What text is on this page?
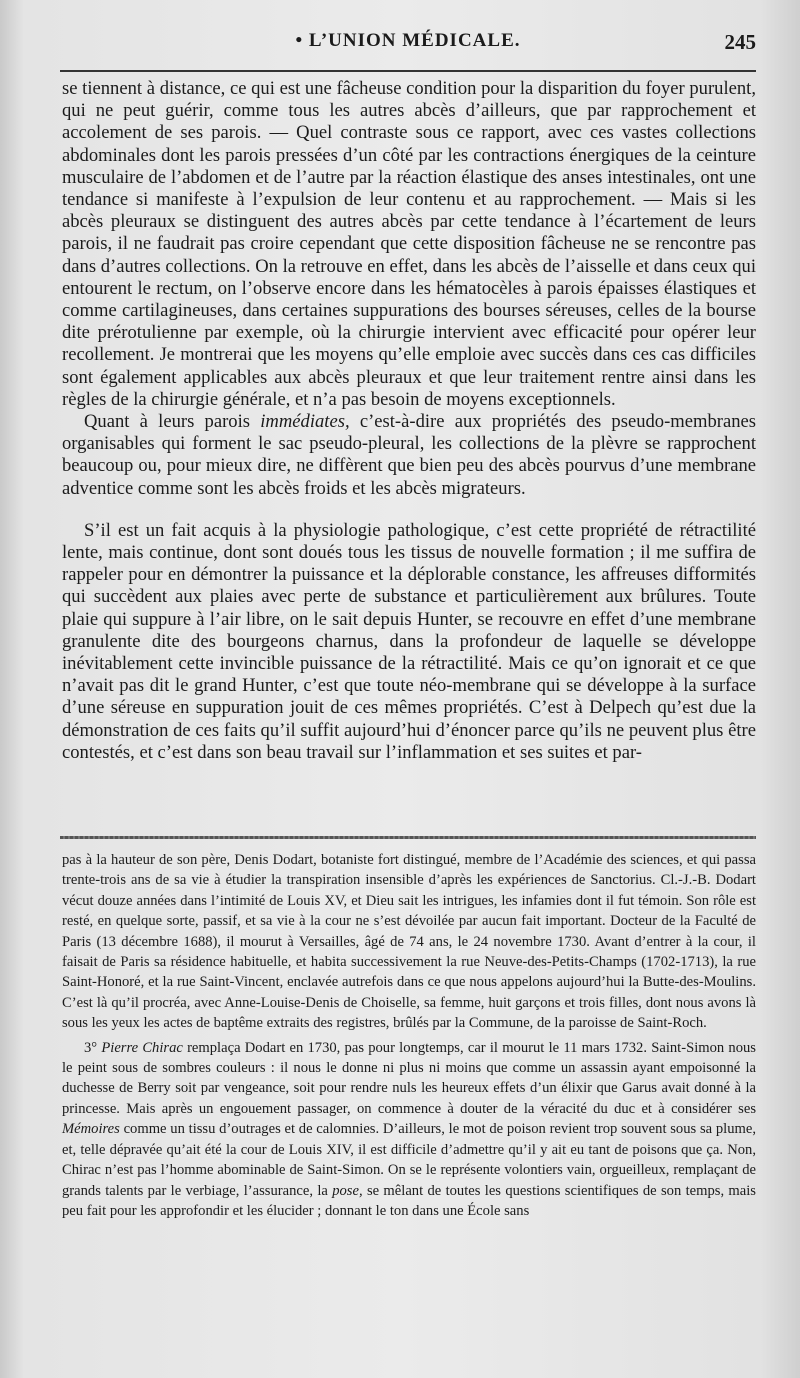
• L’UNION MÉDICALE.	245

se tiennent à distance, ce qui est une fâcheuse condition pour la disparition du foyer purulent, qui ne peut guérir, comme tous les autres abcès d’ailleurs, que par rapprochement et accolement de ses parois. — Quel contraste sous ce rapport, avec ces vastes collections abdominales dont les parois pressées d’un côté par les contractions énergiques de la ceinture musculaire de l’abdomen et de l’autre par la réaction élastique des anses intestinales, ont une tendance si manifeste à l’expulsion de leur contenu et au rapprochement. — Mais si les abcès pleuraux se distinguent des autres abcès par cette tendance à l’écartement de leurs parois, il ne faudrait pas croire cependant que cette disposition fâcheuse ne se rencontre pas dans d’autres collections. On la retrouve en effet, dans les abcès de l’aisselle et dans ceux qui entourent le rectum, on l’observe encore dans les hématocèles à parois épaisses élastiques et comme cartilagineuses, dans certaines suppurations des bourses séreuses, celles de la bourse dite prérotulienne par exemple, où la chirurgie intervient avec efficacité pour opérer leur recollement. Je montrerai que les moyens qu’elle emploie avec succès dans ces cas difficiles sont également applicables aux abcès pleuraux et que leur traitement rentre ainsi dans les règles de la chirurgie générale, et n’a pas besoin de moyens exceptionnels.

Quant à leurs parois immédiates, c’est-à-dire aux propriétés des pseudo-membranes organisables qui forment le sac pseudo-pleural, les collections de la plèvre se rapprochent beaucoup ou, pour mieux dire, ne diffèrent que bien peu des abcès pourvus d’une membrane adventice comme sont les abcès froids et les abcès migrateurs.

S’il est un fait acquis à la physiologie pathologique, c’est cette propriété de rétractilité lente, mais continue, dont sont doués tous les tissus de nouvelle formation ; il me suffira de rappeler pour en démontrer la puissance et la déplorable constance, les affreuses difformités qui succèdent aux plaies avec perte de substance et particulièrement aux brûlures. Toute plaie qui suppure à l’air libre, on le sait depuis Hunter, se recouvre en effet d’une membrane granulente dite des bourgeons charnus, dans la profondeur de laquelle se développe inévitablement cette invincible puissance de la rétractilité. Mais ce qu’on ignorait et ce que n’avait pas dit le grand Hunter, c’est que toute néo-membrane qui se développe à la surface d’une séreuse en suppuration jouit de ces mêmes propriétés. C’est à Delpech qu’est due la démonstration de ces faits qu’il suffit aujourd’hui d’énoncer parce qu’ils ne peuvent plus être contestés, et c’est dans son beau travail sur l’inflammation et ses suites et par-

pas à la hauteur de son père, Denis Dodart, botaniste fort distingué, membre de l’Académie des sciences, et qui passa trente-trois ans de sa vie à étudier la transpiration insensible d’après les expériences de Sanctorius. Cl.-J.-B. Dodart vécut douze années dans l’intimité de Louis XV, et Dieu sait les intrigues, les infamies dont il fut témoin. Son rôle est resté, en quelque sorte, passif, et sa vie à la cour ne s’est dévoilée par aucun fait important. Docteur de la Faculté de Paris (13 décembre 1688), il mourut à Versailles, âgé de 74 ans, le 24 novembre 1730. Avant d’entrer à la cour, il faisait de Paris sa résidence habituelle, et habita successivement la rue Neuve-des-Petits-Champs (1702-1713), la rue Saint-Honoré, et la rue Saint-Vincent, enclavée autrefois dans ce que nous appelons aujourd’hui la Butte-des-Moulins. C’est là qu’il procréa, avec Anne-Louise-Denis de Choiselle, sa femme, huit garçons et trois filles, dont nous avons là sous les yeux les actes de baptême extraits des registres, brûlés par la Commune, de la paroisse de Saint-Roch.

3° Pierre Chirac remplaça Dodart en 1730, pas pour longtemps, car il mourut le 11 mars 1732. Saint-Simon nous le peint sous de sombres couleurs : il nous le donne ni plus ni moins que comme un assassin ayant empoisonné la duchesse de Berry soit par vengeance, soit pour rendre nuls les heureux effets d’un élixir que Garus avait donné à la princesse. Mais après un engouement passager, on commence à douter de la véracité du duc et à considérer ses Mémoires comme un tissu d’outrages et de calomnies. D’ailleurs, le mot de poison revient trop souvent sous sa plume, et, telle dépravée qu’ait été la cour de Louis XIV, il est difficile d’admettre qu’il y ait eu tant de poisons que ça. Non, Chirac n’est pas l’homme abominable de Saint-Simon. On se le représente volontiers vain, orgueilleux, remplaçant de grands talents par le verbiage, l’assurance, la pose, se mêlant de toutes les questions scientifiques de son temps, mais peu fait pour les approfondir et les élucider ; donnant le ton dans une École sans
